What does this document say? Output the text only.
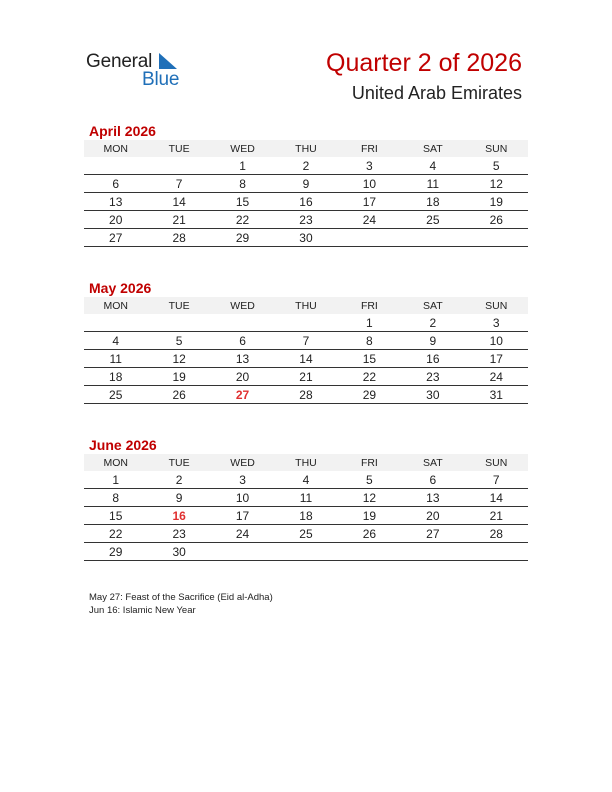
General
Blue
Quarter 2 of 2026
United Arab Emirates
April 2026
MON	TUE	WED	THU	FRI	SAT	SUN
		1	2	3	4	5
6	7	8	9	10	11	12
13	14	15	16	17	18	19
20	21	22	23	24	25	26
27	28	29	30			
May 2026
MON	TUE	WED	THU	FRI	SAT	SUN
				1	2	3
4	5	6	7	8	9	10
11	12	13	14	15	16	17
18	19	20	21	22	23	24
25	26	27	28	29	30	31
June 2026
MON	TUE	WED	THU	FRI	SAT	SUN
1	2	3	4	5	6	7
8	9	10	11	12	13	14
15	16	17	18	19	20	21
22	23	24	25	26	27	28
29	30					
May 27: Feast of the Sacrifice (Eid al-Adha)
Jun 16: Islamic New Year
